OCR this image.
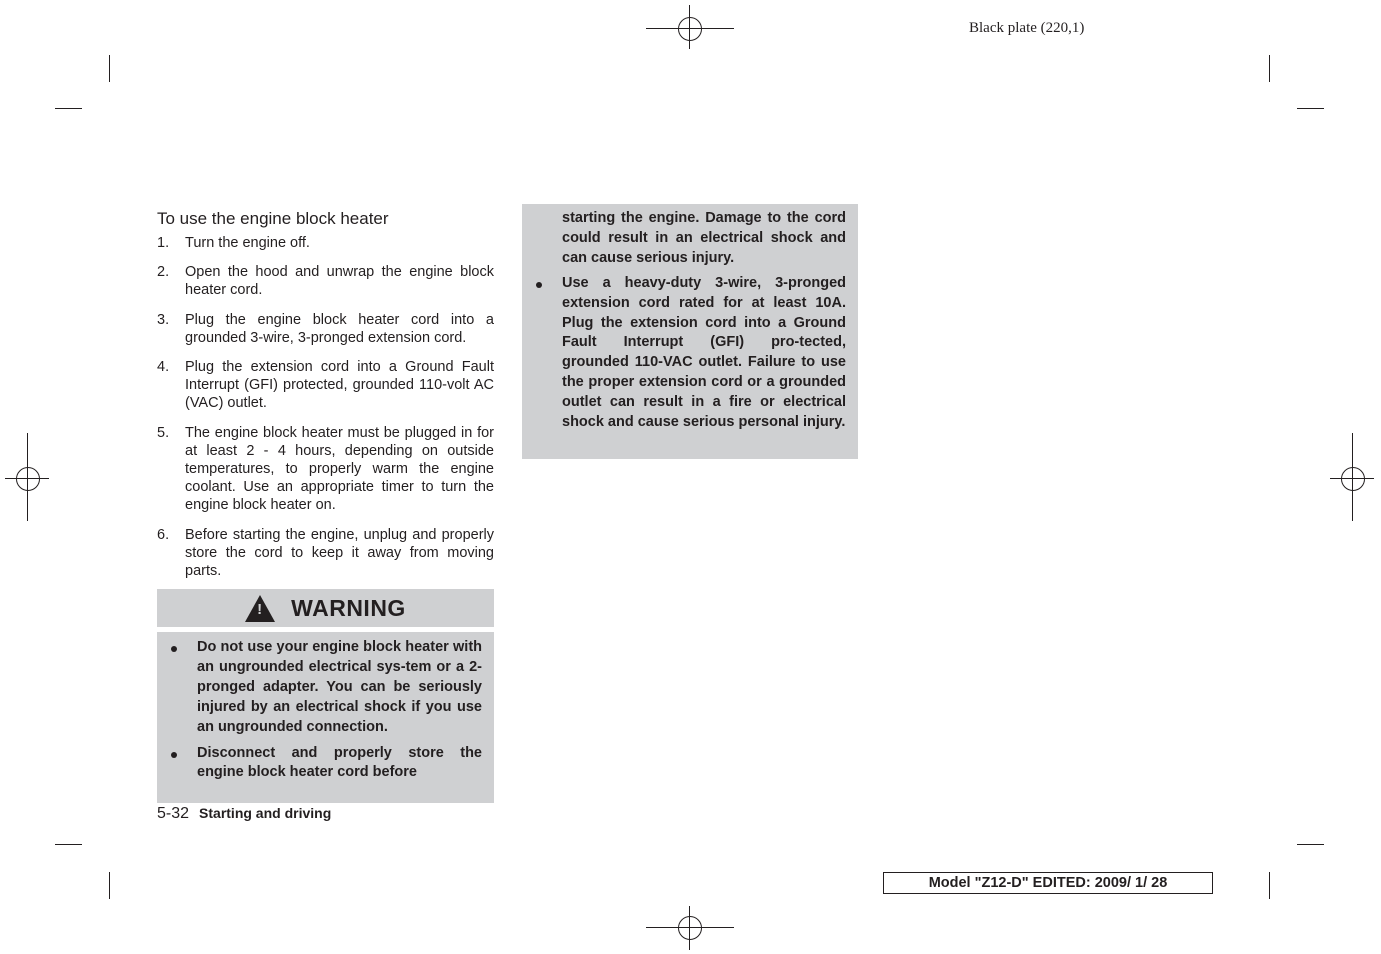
Black plate (220,1)
To use the engine block heater
1. Turn the engine off.
2. Open the hood and unwrap the engine block heater cord.
3. Plug the engine block heater cord into a grounded 3-wire, 3-pronged extension cord.
4. Plug the extension cord into a Ground Fault Interrupt (GFI) protected, grounded 110-volt AC (VAC) outlet.
5. The engine block heater must be plugged in for at least 2 - 4 hours, depending on outside temperatures, to properly warm the engine coolant. Use an appropriate timer to turn the engine block heater on.
6. Before starting the engine, unplug and properly store the cord to keep it away from moving parts.
!
WARNING
Do not use your engine block heater with an ungrounded electrical sys-tem or a 2-pronged adapter. You can be seriously injured by an electrical shock if you use an ungrounded connection.
Disconnect and properly store the engine block heater cord before

starting the engine. Damage to the cord could result in an electrical shock and can cause serious injury.

Use a heavy-duty 3-wire, 3-pronged extension cord rated for at least 10A. Plug the extension cord into a Ground Fault Interrupt (GFI) pro-tected, grounded 110-VAC outlet. Failure to use the proper extension cord or a grounded outlet can result in a fire or electrical shock and cause serious personal injury.
5-32 Starting and driving
Model "Z12-D" EDITED: 2009/ 1/ 28
